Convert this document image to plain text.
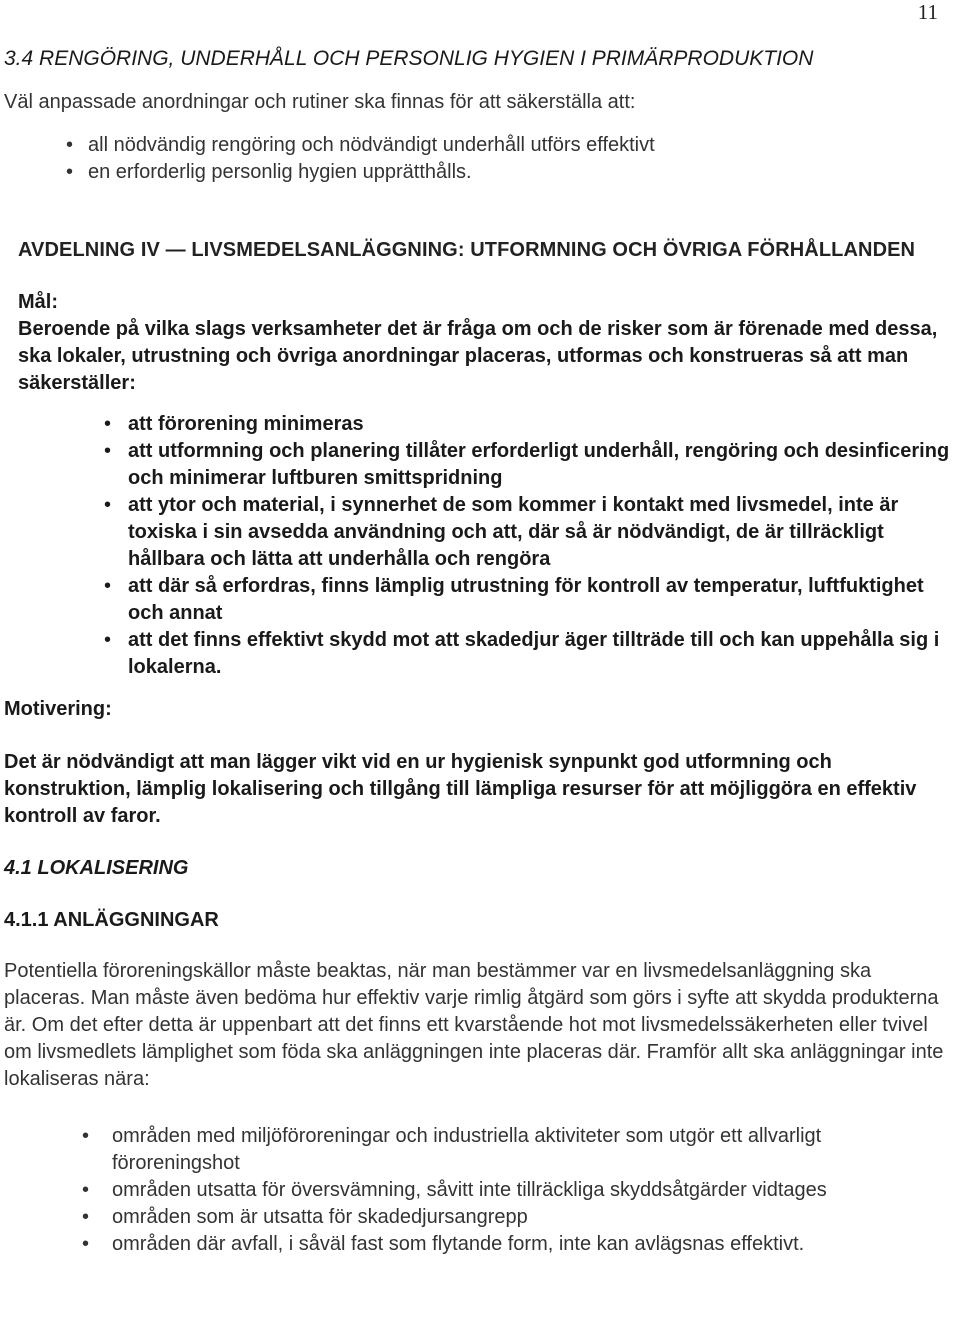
11
3.4 RENGÖRING, UNDERHÅLL OCH PERSONLIG HYGIEN I PRIMÄRPRODUKTION

Väl anpassade anordningar och rutiner ska finnas för att säkerställa att:

• all nödvändig rengöring och nödvändigt underhåll utförs effektivt
• en erforderlig personlig hygien upprätthålls.
AVDELNING IV — LIVSMEDELSANLÄGGNING: UTFORMNING OCH ÖVRIGA FÖRHÅLLANDEN
Mål:
Beroende på vilka slags verksamheter det är fråga om och de risker som är förenade med dessa, ska lokaler, utrustning och övriga anordningar placeras, utformas och konstrueras så att man säkerställer:
• att förorening minimeras
• att utformning och planering tillåter erforderligt underhåll, rengöring och desinficering och minimerar luftburen smittspridning
• att ytor och material, i synnerhet de som kommer i kontakt med livsmedel, inte är toxiska i sin avsedda användning och att, där så är nödvändigt, de är tillräckligt hållbara och lätta att underhålla och rengöra
• att där så erfordras, finns lämplig utrustning för kontroll av temperatur, luftfuktighet och annat
• att det finns effektivt skydd mot att skadedjur äger tillträde till och kan uppehålla sig i lokalerna.
Motivering:
Det är nödvändigt att man lägger vikt vid en ur hygienisk synpunkt god utformning och konstruktion, lämplig lokalisering och tillgång till lämpliga resurser för att möjliggöra en effektiv kontroll av faror.
4.1 LOKALISERING
4.1.1 ANLÄGGNINGAR

Potentiella föroreningskällor måste beaktas, när man bestämmer var en livsmedelsanläggning ska placeras. Man måste även bedöma hur effektiv varje rimlig åtgärd som görs i syfte att skydda produkterna är. Om det efter detta är uppenbart att det finns ett kvarstående hot mot livsmedelssäkerheten eller tvivel om livsmedlets lämplighet som föda ska anläggningen inte placeras där. Framför allt ska anläggningar inte lokaliseras nära:

• områden med miljöföroreningar och industriella aktiviteter som utgör ett allvarligt föroreningshot
• områden utsatta för översvämning, såvitt inte tillräckliga skyddsåtgärder vidtages
• områden som är utsatta för skadedjursangrepp
• områden där avfall, i såväl fast som flytande form, inte kan avlägsnas effektivt.
